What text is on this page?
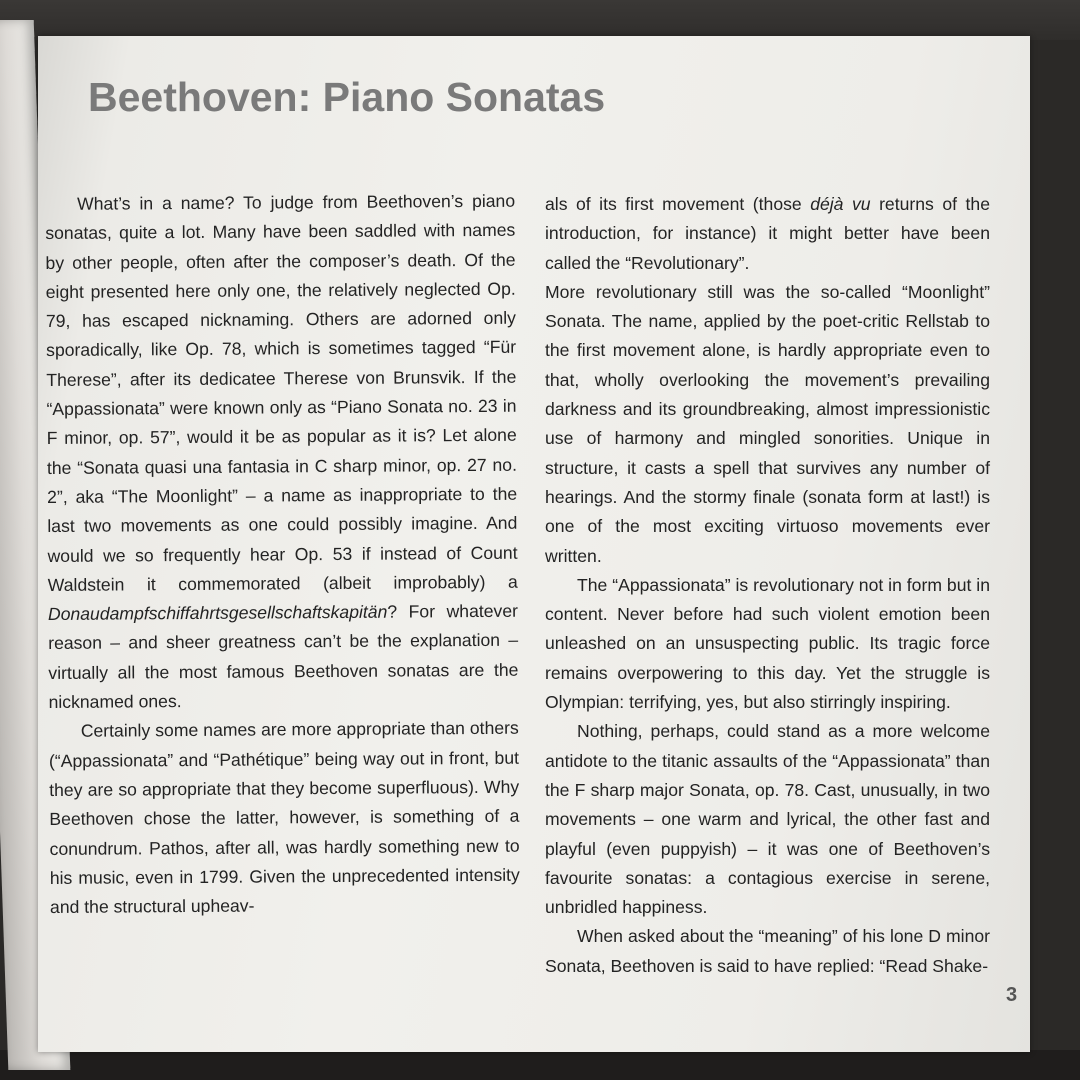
Beethoven: Piano Sonatas

What’s in a name? To judge from Beethoven’s piano sonatas, quite a lot. Many have been saddled with names by other people, often after the composer’s death. Of the eight presented here only one, the relatively neglected Op. 79, has escaped nicknaming. Others are adorned only sporadically, like Op. 78, which is sometimes tagged “Für Therese”, after its dedicatee Therese von Brunsvik. If the “Appassionata” were known only as “Piano Sonata no. 23 in F minor, op. 57”, would it be as popular as it is? Let alone the “Sonata quasi una fantasia in C sharp minor, op. 27 no. 2”, aka “The Moonlight” – a name as inappropriate to the last two movements as one could possibly imagine. And would we so frequently hear Op. 53 if instead of Count Waldstein it commemorated (albeit improbably) a Donaudampfschiffahrtsgesellschaftskapitän? For whatever reason – and sheer greatness can’t be the explanation – virtually all the most famous Beethoven sonatas are the nicknamed ones.

Certainly some names are more appropriate than others (“Appassionata” and “Pathétique” being way out in front, but they are so appropriate that they become superfluous). Why Beethoven chose the latter, however, is something of a conundrum. Pathos, after all, was hardly something new to his music, even in 1799. Given the unprecedented intensity and the structural upheav-

als of its first movement (those déjà vu returns of the introduction, for instance) it might better have been called the “Revolutionary”.

More revolutionary still was the so-called “Moonlight” Sonata. The name, applied by the poet-critic Rellstab to the first movement alone, is hardly appropriate even to that, wholly overlooking the movement’s prevailing darkness and its groundbreaking, almost impressionistic use of harmony and mingled sonorities. Unique in structure, it casts a spell that survives any number of hearings. And the stormy finale (sonata form at last!) is one of the most exciting virtuoso movements ever written.

The “Appassionata” is revolutionary not in form but in content. Never before had such violent emotion been unleashed on an unsuspecting public. Its tragic force remains overpowering to this day. Yet the struggle is Olympian: terrifying, yes, but also stirringly inspiring.

Nothing, perhaps, could stand as a more welcome antidote to the titanic assaults of the “Appassionata” than the F sharp major Sonata, op. 78. Cast, unusually, in two movements – one warm and lyrical, the other fast and playful (even puppyish) – it was one of Beethoven’s favourite sonatas: a contagious exercise in serene, unbridled happiness.

When asked about the “meaning” of his lone D minor Sonata, Beethoven is said to have replied: “Read Shake-

3
